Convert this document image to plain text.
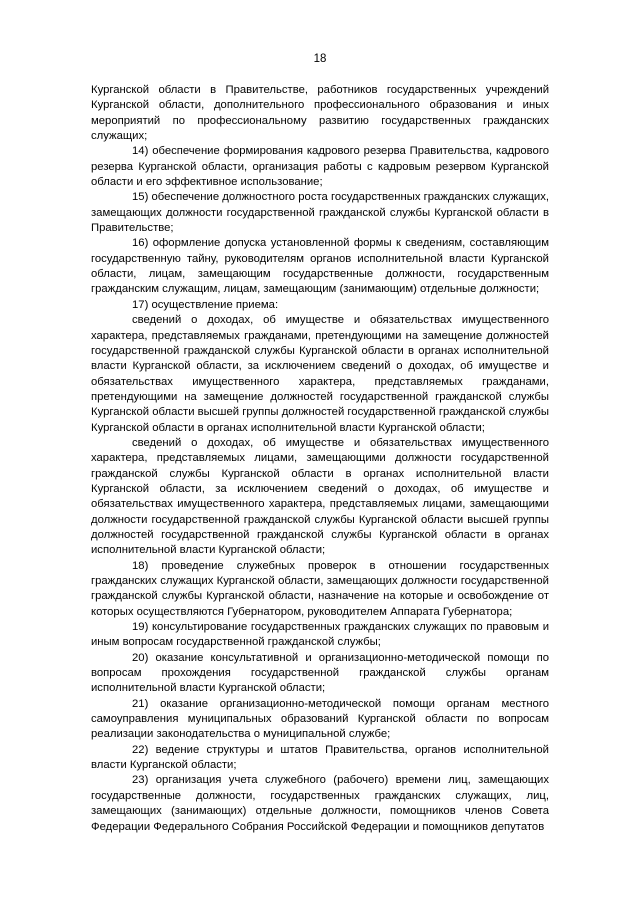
18

Курганской области в Правительстве, работников государственных учреждений Курганской области, дополнительного профессионального образования и иных мероприятий по профессиональному развитию государственных гражданских служащих;

14) обеспечение формирования кадрового резерва Правительства, кадрового резерва Курганской области, организация работы с кадровым резервом Курганской области и его эффективное использование;

15) обеспечение должностного роста государственных гражданских служащих, замещающих должности государственной гражданской службы Курганской области в Правительстве;

16) оформление допуска установленной формы к сведениям, составляющим государственную тайну, руководителям органов исполнительной власти Курганской области, лицам, замещающим государственные должности, государственным гражданским служащим, лицам, замещающим (занимающим) отдельные должности;

17) осуществление приема:

сведений о доходах, об имуществе и обязательствах имущественного характера, представляемых гражданами, претендующими на замещение должностей государственной гражданской службы Курганской области в органах исполнительной власти Курганской области, за исключением сведений о доходах, об имуществе и обязательствах имущественного характера, представляемых гражданами, претендующими на замещение должностей государственной гражданской службы Курганской области высшей группы должностей государственной гражданской службы Курганской области в органах исполнительной власти Курганской области;

сведений о доходах, об имуществе и обязательствах имущественного характера, представляемых лицами, замещающими должности государственной гражданской службы Курганской области в органах исполнительной власти Курганской области, за исключением сведений о доходах, об имуществе и обязательствах имущественного характера, представляемых лицами, замещающими должности государственной гражданской службы Курганской области высшей группы должностей государственной гражданской службы Курганской области в органах исполнительной власти Курганской области;

18) проведение служебных проверок в отношении государственных гражданских служащих Курганской области, замещающих должности государственной гражданской службы Курганской области, назначение на которые и освобождение от которых осуществляются Губернатором, руководителем Аппарата Губернатора;

19) консультирование государственных гражданских служащих по правовым и иным вопросам государственной гражданской службы;

20) оказание консультативной и организационно-методической помощи по вопросам прохождения государственной гражданской службы органам исполнительной власти Курганской области;

21) оказание организационно-методической помощи органам местного самоуправления муниципальных образований Курганской области по вопросам реализации законодательства о муниципальной службе;

22) ведение структуры и штатов Правительства, органов исполнительной власти Курганской области;

23) организация учета служебного (рабочего) времени лиц, замещающих государственные должности, государственных гражданских служащих, лиц, замещающих (занимающих) отдельные должности, помощников членов Совета Федерации Федерального Собрания Российской Федерации и помощников депутатов
